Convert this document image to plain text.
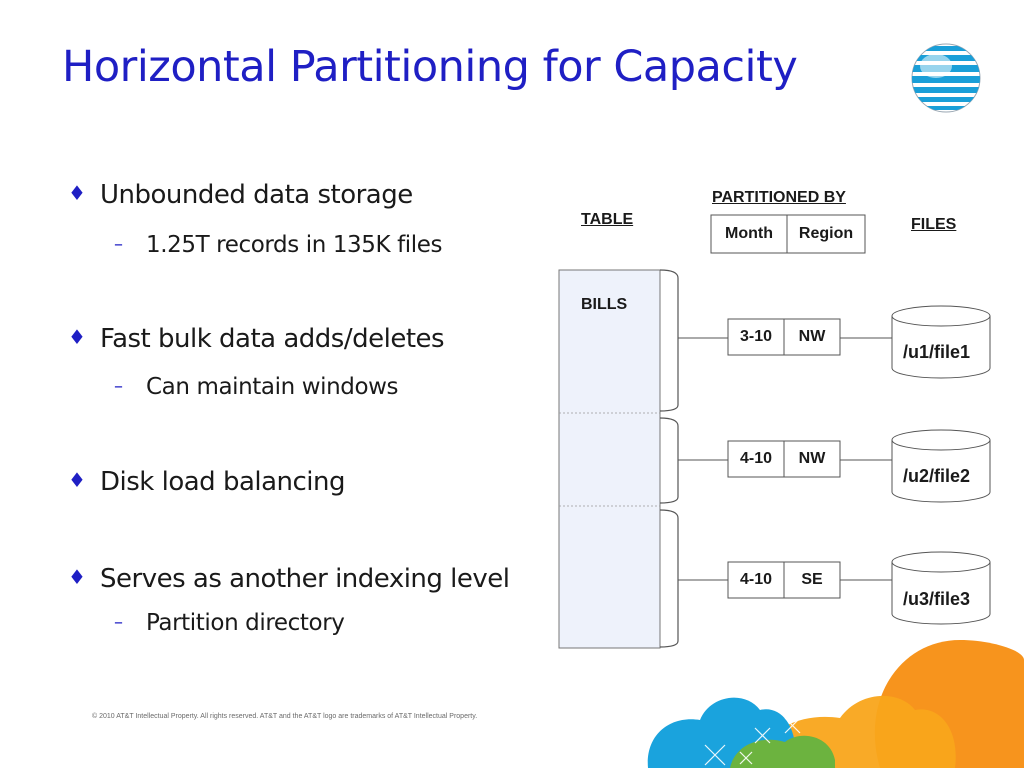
Horizontal Partitioning for Capacity
♦ Unbounded data storage
– 1.25T records in 135K files
♦ Fast bulk data adds/deletes
– Can maintain windows
♦ Disk load balancing
♦ Serves as another indexing level
– Partition directory
TABLE
PARTITIONED BY
FILES
Month	Region
BILLS
3-10	NW
4-10	NW
4-10	SE
/u1/file1
/u2/file2
/u3/file3
© 2010 AT&T Intellectual Property. All rights reserved. AT&T and the AT&T logo are trademarks of AT&T Intellectual Property.
